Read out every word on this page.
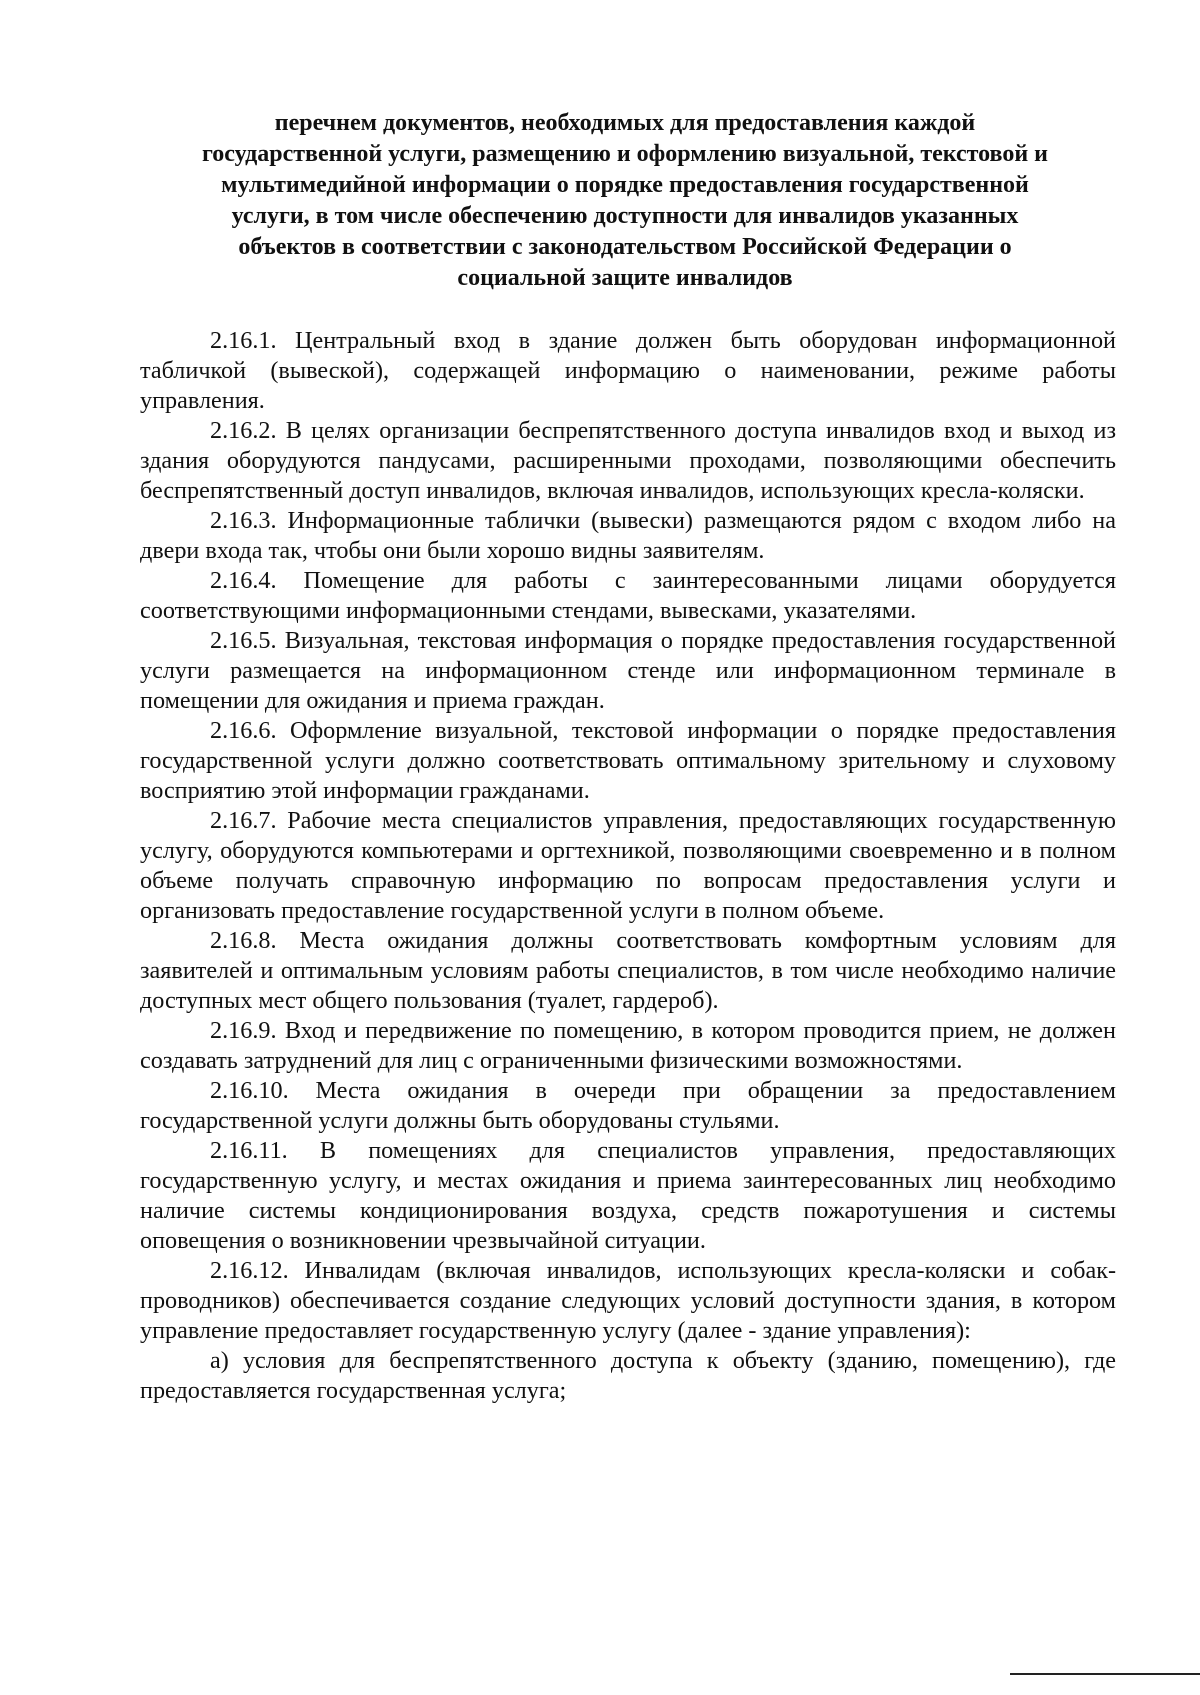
перечнем документов, необходимых для предоставления каждой
государственной услуги, размещению и оформлению визуальной, текстовой и
мультимедийной информации о порядке предоставления государственной
услуги, в том числе обеспечению доступности для инвалидов указанных
объектов в соответствии с законодательством Российской Федерации о
социальной защите инвалидов

2.16.1. Центральный вход в здание должен быть оборудован информационной табличкой (вывеской), содержащей информацию о наименовании, режиме работы управления.

2.16.2. В целях организации беспрепятственного доступа инвалидов вход и выход из здания оборудуются пандусами, расширенными проходами, позволяющими обеспечить беспрепятственный доступ инвалидов, включая инвалидов, использующих кресла-коляски.

2.16.3. Информационные таблички (вывески) размещаются рядом с входом либо на двери входа так, чтобы они были хорошо видны заявителям.

2.16.4. Помещение для работы с заинтересованными лицами оборудуется соответствующими информационными стендами, вывесками, указателями.

2.16.5. Визуальная, текстовая информация о порядке предоставления государственной услуги размещается на информационном стенде или информационном терминале в помещении для ожидания и приема граждан.

2.16.6. Оформление визуальной, текстовой информации о порядке предоставления государственной услуги должно соответствовать оптимальному зрительному и слуховому восприятию этой информации гражданами.

2.16.7. Рабочие места специалистов управления, предоставляющих государственную услугу, оборудуются компьютерами и оргтехникой, позволяющими своевременно и в полном объеме получать справочную информацию по вопросам предоставления услуги и организовать предоставление государственной услуги в полном объеме.

2.16.8. Места ожидания должны соответствовать комфортным условиям для заявителей и оптимальным условиям работы специалистов, в том числе необходимо наличие доступных мест общего пользования (туалет, гардероб).

2.16.9. Вход и передвижение по помещению, в котором проводится прием, не должен создавать затруднений для лиц с ограниченными физическими возможностями.

2.16.10. Места ожидания в очереди при обращении за предоставлением государственной услуги должны быть оборудованы стульями.

2.16.11. В помещениях для специалистов управления, предоставляющих государственную услугу, и местах ожидания и приема заинтересованных лиц необходимо наличие системы кондиционирования воздуха, средств пожаротушения и системы оповещения о возникновении чрезвычайной ситуации.

2.16.12. Инвалидам (включая инвалидов, использующих кресла-коляски и собак-проводников) обеспечивается создание следующих условий доступности здания, в котором управление предоставляет государственную услугу (далее - здание управления):

а) условия для беспрепятственного доступа к объекту (зданию, помещению), где предоставляется государственная услуга;
